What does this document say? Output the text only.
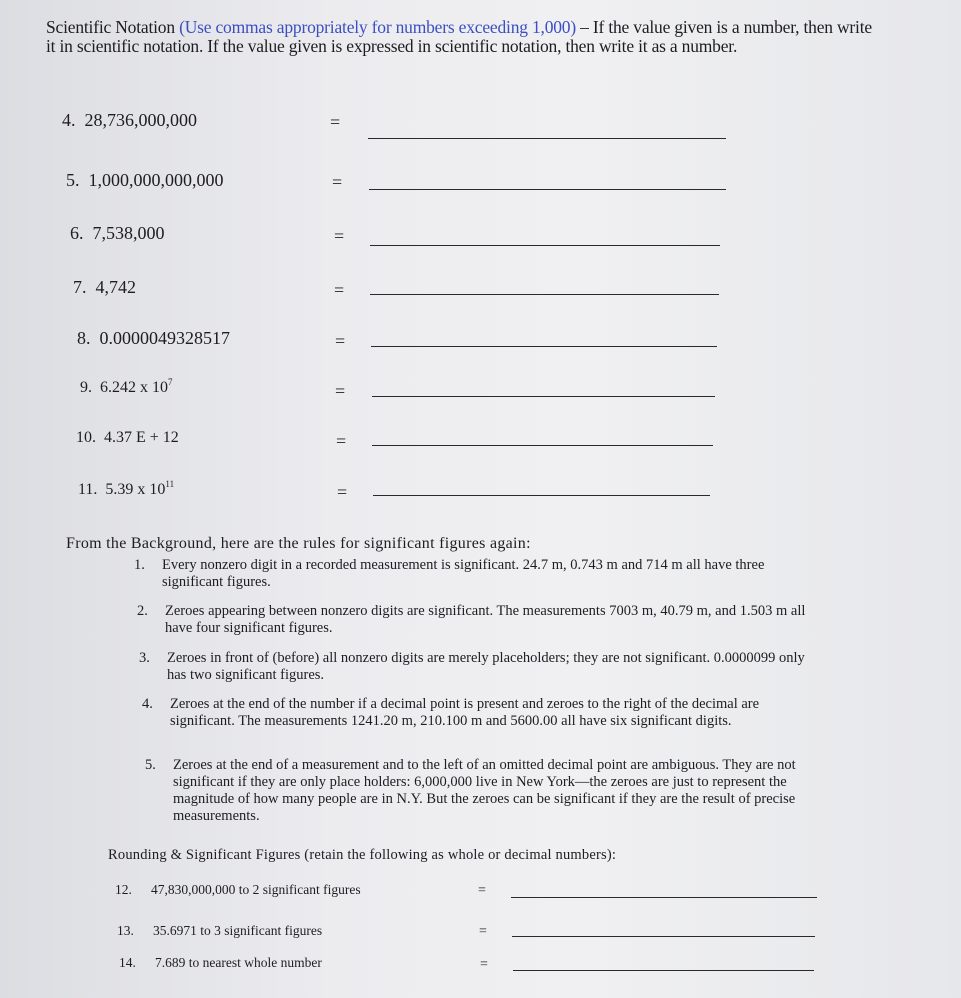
Scientific Notation (Use commas appropriately for numbers exceeding 1,000) – If the value given is a number, then write it in scientific notation. If the value given is expressed in scientific notation, then write it as a number.
4. 28,736,000,000	=
5. 1,000,000,000,000	=
6. 7,538,000	=
7. 4,742	=
8. 0.0000049328517	=
9. 6.242 x $10^7$	=
10. 4.37 E + 12	=
11. 5.39 x $10^{11}$	=
From the Background, here are the rules for significant figures again:
1. Every nonzero digit in a recorded measurement is significant. 24.7 m, 0.743 m and 714 m all have three significant figures.
2. Zeroes appearing between nonzero digits are significant. The measurements 7003 m, 40.79 m, and 1.503 m all have four significant figures.
3. Zeroes in front of (before) all nonzero digits are merely placeholders; they are not significant. 0.0000099 only has two significant figures.
4. Zeroes at the end of the number if a decimal point is present and zeroes to the right of the decimal are significant. The measurements 1241.20 m, 210.100 m and 5600.00 all have six significant digits.
5. Zeroes at the end of a measurement and to the left of an omitted decimal point are ambiguous. They are not significant if they are only place holders: 6,000,000 live in New York—the zeroes are just to represent the magnitude of how many people are in N.Y. But the zeroes can be significant if they are the result of precise measurements.
Rounding & Significant Figures (retain the following as whole or decimal numbers):
12. 47,830,000,000 to 2 significant figures	=
13. 35.6971 to 3 significant figures	=
14. 7.689 to nearest whole number	=
